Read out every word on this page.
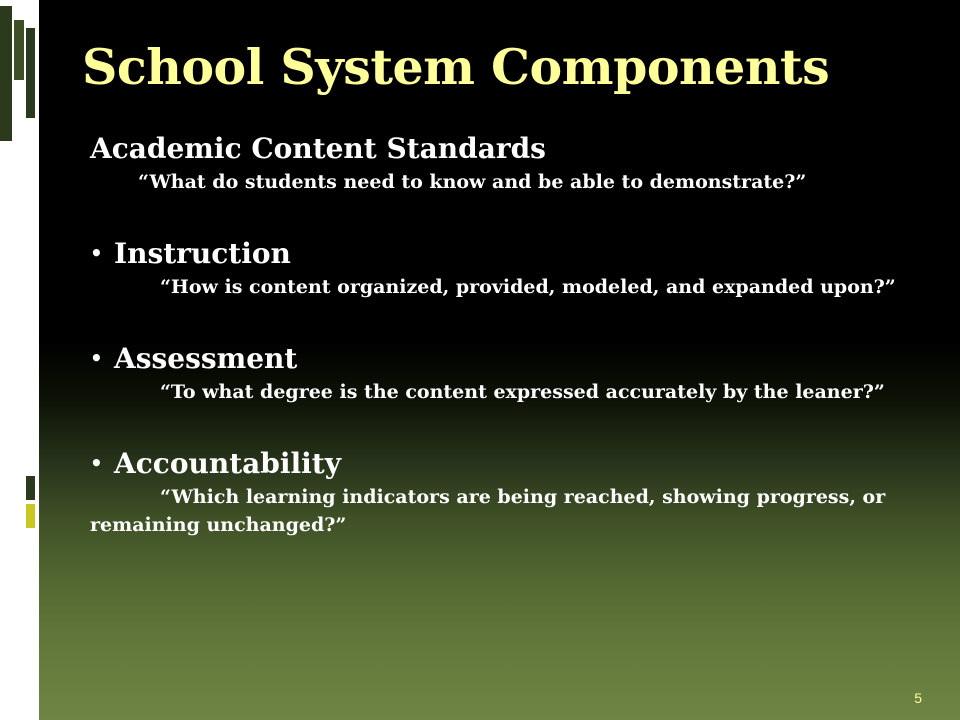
School System Components

Academic Content Standards

“What do students need to know and be able to demonstrate?”

• Instruction

“How is content organized, provided, modeled, and expanded upon?”

• Assessment

“To what degree is the content expressed accurately by the leaner?”

• Accountability

“Which learning indicators are being reached, showing progress, or remaining unchanged?”

5
